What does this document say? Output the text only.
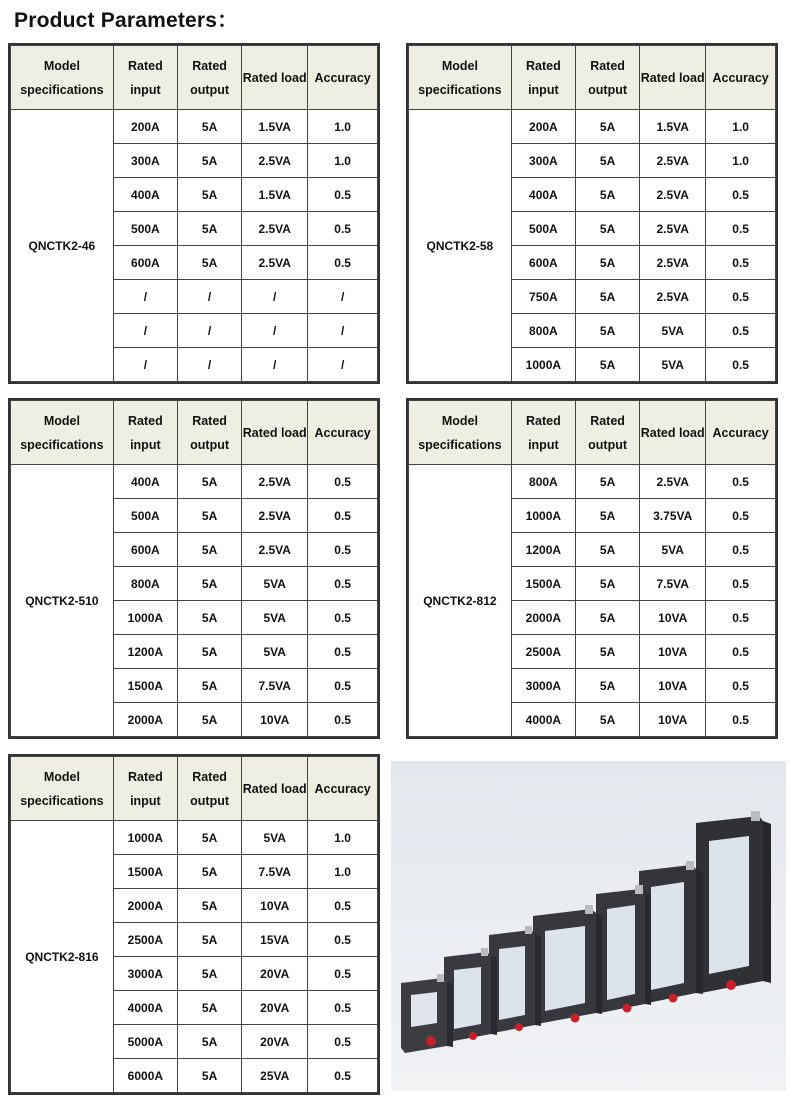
Product Parameters：
Model specifications	Rated input	Rated output	Rated load	Accuracy
QNCTK2-46	200A	5A	1.5VA	1.0
	300A	5A	2.5VA	1.0
	400A	5A	1.5VA	0.5
	500A	5A	2.5VA	0.5
	600A	5A	2.5VA	0.5
	/	/	/	/
	/	/	/	/
	/	/	/	/
Model specifications	Rated input	Rated output	Rated load	Accuracy
QNCTK2-58	200A	5A	1.5VA	1.0
	300A	5A	2.5VA	1.0
	400A	5A	2.5VA	0.5
	500A	5A	2.5VA	0.5
	600A	5A	2.5VA	0.5
	750A	5A	2.5VA	0.5
	800A	5A	5VA	0.5
	1000A	5A	5VA	0.5
Model specifications	Rated input	Rated output	Rated load	Accuracy
QNCTK2-510	400A	5A	2.5VA	0.5
	500A	5A	2.5VA	0.5
	600A	5A	2.5VA	0.5
	800A	5A	5VA	0.5
	1000A	5A	5VA	0.5
	1200A	5A	5VA	0.5
	1500A	5A	7.5VA	0.5
	2000A	5A	10VA	0.5
Model specifications	Rated input	Rated output	Rated load	Accuracy
QNCTK2-812	800A	5A	2.5VA	0.5
	1000A	5A	3.75VA	0.5
	1200A	5A	5VA	0.5
	1500A	5A	7.5VA	0.5
	2000A	5A	10VA	0.5
	2500A	5A	10VA	0.5
	3000A	5A	10VA	0.5
	4000A	5A	10VA	0.5
Model specifications	Rated input	Rated output	Rated load	Accuracy
QNCTK2-816	1000A	5A	5VA	1.0
	1500A	5A	7.5VA	1.0
	2000A	5A	10VA	0.5
	2500A	5A	15VA	0.5
	3000A	5A	20VA	0.5
	4000A	5A	20VA	0.5
	5000A	5A	20VA	0.5
	6000A	5A	25VA	0.5
